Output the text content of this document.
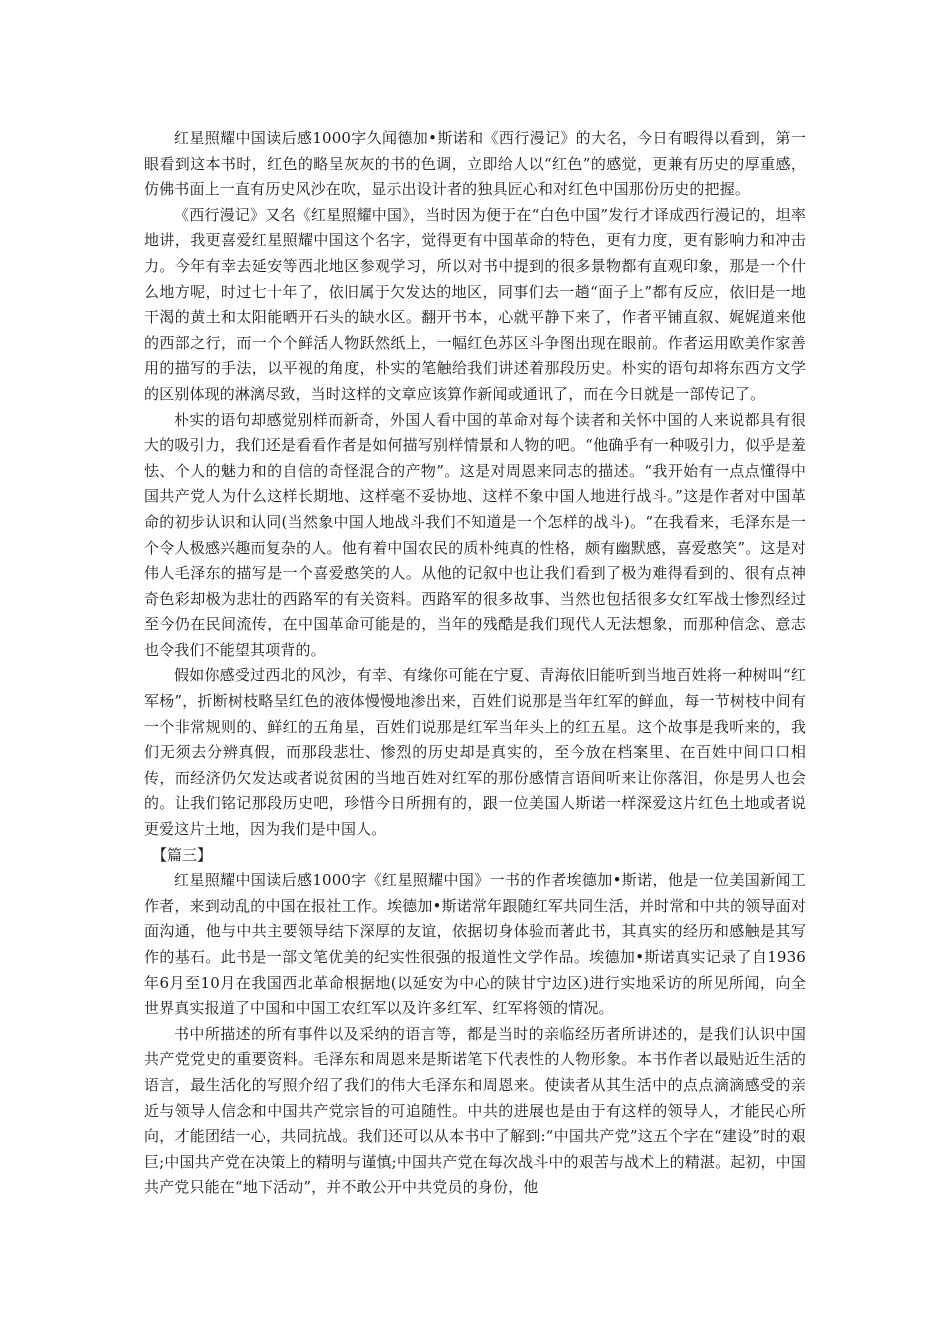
红星照耀中国读后感1000字久闻德加•斯诺和《西行漫记》的大名，今日有暇得以看到，第一眼看到这本书时，红色的略呈灰灰的书的色调，立即给人以“红色”的感觉，更兼有历史的厚重感，仿佛书面上一直有历史风沙在吹，显示出设计者的独具匠心和对红色中国那份历史的把握。

《西行漫记》又名《红星照耀中国》，当时因为便于在“白色中国”发行才译成西行漫记的，坦率地讲，我更喜爱红星照耀中国这个名字，觉得更有中国革命的特色，更有力度，更有影响力和冲击力。今年有幸去延安等西北地区参观学习，所以对书中提到的很多景物都有直观印象，那是一个什么地方呢，时过七十年了，依旧属于欠发达的地区，同事们去一趟“面子上”都有反应，依旧是一地干渴的黄土和太阳能晒开石头的缺水区。翻开书本，心就平静下来了，作者平铺直叙、娓娓道来他的西部之行，而一个个鲜活人物跃然纸上，一幅红色苏区斗争图出现在眼前。作者运用欧美作家善用的描写的手法，以平视的角度，朴实的笔触给我们讲述着那段历史。朴实的语句却将东西方文学的区别体现的淋漓尽致，当时这样的文章应该算作新闻或通讯了，而在今日就是一部传记了。

朴实的语句却感觉别样而新奇，外国人看中国的革命对每个读者和关怀中国的人来说都具有很大的吸引力，我们还是看看作者是如何描写别样情景和人物的吧。“他确乎有一种吸引力，似乎是羞怯、个人的魅力和的自信的奇怪混合的产物”。这是对周恩来同志的描述。“我开始有一点点懂得中国共产党人为什么这样长期地、这样毫不妥协地、这样不象中国人地进行战斗。”这是作者对中国革命的初步认识和认同(当然象中国人地战斗我们不知道是一个怎样的战斗)。“在我看来，毛泽东是一个令人极感兴趣而复杂的人。他有着中国农民的质朴纯真的性格，颇有幽默感，喜爱憨笑”。这是对伟人毛泽东的描写是一个喜爱憨笑的人。从他的记叙中也让我们看到了极为难得看到的、很有点神奇色彩却极为悲壮的西路军的有关资料。西路军的很多故事、当然也包括很多女红军战士惨烈经过至今仍在民间流传，在中国革命可能是的，当年的残酷是我们现代人无法想象，而那种信念、意志也令我们不能望其项背的。

假如你感受过西北的风沙，有幸、有缘你可能在宁夏、青海依旧能听到当地百姓将一种树叫“红军杨”，折断树枝略呈红色的液体慢慢地渗出来，百姓们说那是当年红军的鲜血，每一节树枝中间有一个非常规则的、鲜红的五角星，百姓们说那是红军当年头上的红五星。这个故事是我听来的，我们无须去分辨真假，而那段悲壮、惨烈的历史却是真实的，至今放在档案里、在百姓中间口口相传，而经济仍欠发达或者说贫困的当地百姓对红军的那份感情言语间听来让你落泪，你是男人也会的。让我们铭记那段历史吧，珍惜今日所拥有的，跟一位美国人斯诺一样深爱这片红色土地或者说更爱这片土地，因为我们是中国人。

【篇三】

红星照耀中国读后感1000字《红星照耀中国》一书的作者埃德加•斯诺，他是一位美国新闻工作者，来到动乱的中国在报社工作。埃德加•斯诺常年跟随红军共同生活，并时常和中共的领导面对面沟通，他与中共主要领导结下深厚的友谊，依据切身体验而著此书，其真实的经历和感触是其写作的基石。此书是一部文笔优美的纪实性很强的报道性文学作品。埃德加•斯诺真实记录了自1936年6月至10月在我国西北革命根据地(以延安为中心的陕甘宁边区)进行实地采访的所见所闻，向全世界真实报道了中国和中国工农红军以及许多红军、红军将领的情况。

书中所描述的所有事件以及采纳的语言等，都是当时的亲临经历者所讲述的，是我们认识中国共产党党史的重要资料。毛泽东和周恩来是斯诺笔下代表性的人物形象。本书作者以最贴近生活的语言，最生活化的写照介绍了我们的伟大毛泽东和周恩来。使读者从其生活中的点点滴滴感受的亲近与领导人信念和中国共产党宗旨的可追随性。中共的进展也是由于有这样的领导人，才能民心所向，才能团结一心，共同抗战。我们还可以从本书中了解到:“中国共产党”这五个字在“建设”时的艰巨;中国共产党在决策上的精明与谨慎;中国共产党在每次战斗中的艰苦与战术上的精湛。起初，中国共产党只能在“地下活动”，并不敢公开中共党员的身份，他
